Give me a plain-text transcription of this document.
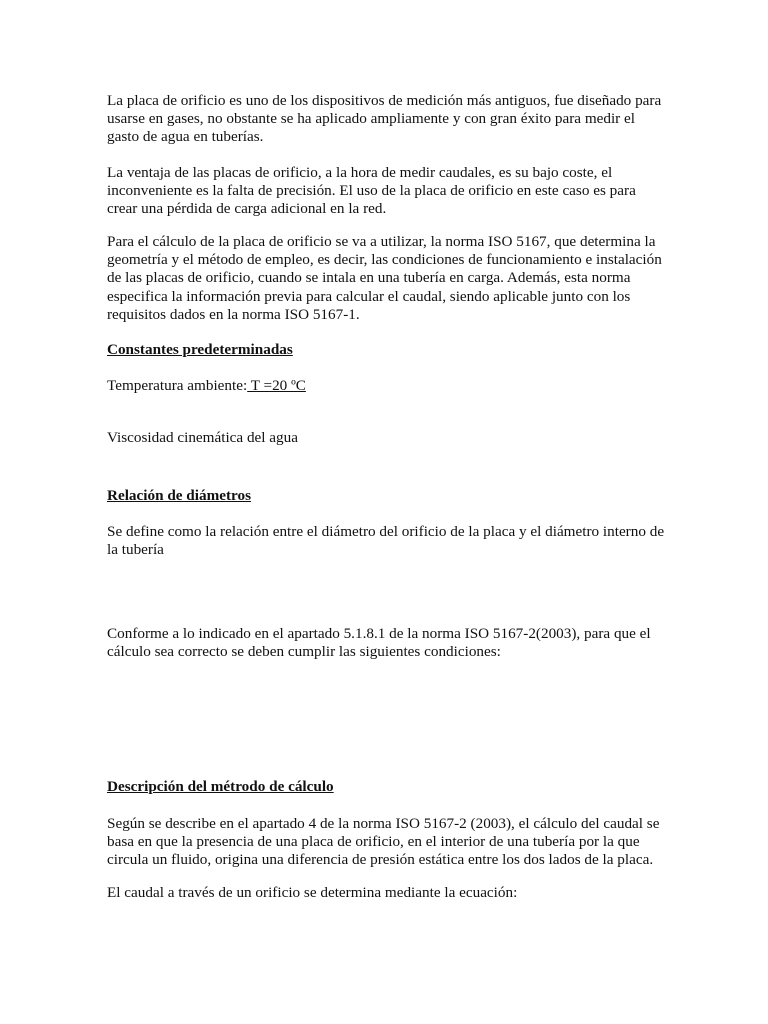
La placa de orificio es uno de los dispositivos de medición más antiguos, fue diseñado para

usarse en gases, no obstante se ha aplicado ampliamente y con gran éxito para medir el

gasto de agua en tuberías.

La ventaja de las placas de orificio, a la hora de medir caudales, es su bajo coste, el

inconveniente es la falta de precisión. El uso de la placa de orificio en este caso es para

crear una pérdida de carga adicional en la red.

Para el cálculo de la placa de orificio se va a utilizar, la norma ISO 5167, que determina la

geometría y el método de empleo, es decir, las condiciones de funcionamiento e instalación

de las placas de orificio, cuando se intala en una tubería en carga. Además, esta norma

especifica la información previa para calcular el caudal, siendo aplicable junto con los

requisitos dados en la norma ISO 5167-1.

Constantes predeterminadas
Temperatura ambiente: T =20 ºC
Viscosidad cinemática del agua
Relación de diámetros

Se define como la relación entre el diámetro del orificio de la placa y el diámetro interno de

la tubería

Conforme a lo indicado en el apartado 5.1.8.1 de la norma ISO 5167-2(2003), para que el

cálculo sea correcto se deben cumplir las siguientes condiciones:

Descripción del métrodo de cálculo

Según se describe en el apartado 4 de la norma ISO 5167-2 (2003), el cálculo del caudal se

basa en que la presencia de una placa de orificio, en el interior de una tubería por la que

circula un fluido, origina una diferencia de presión estática entre los dos lados de la placa.

El caudal a través de un orificio se determina mediante la ecuación:
